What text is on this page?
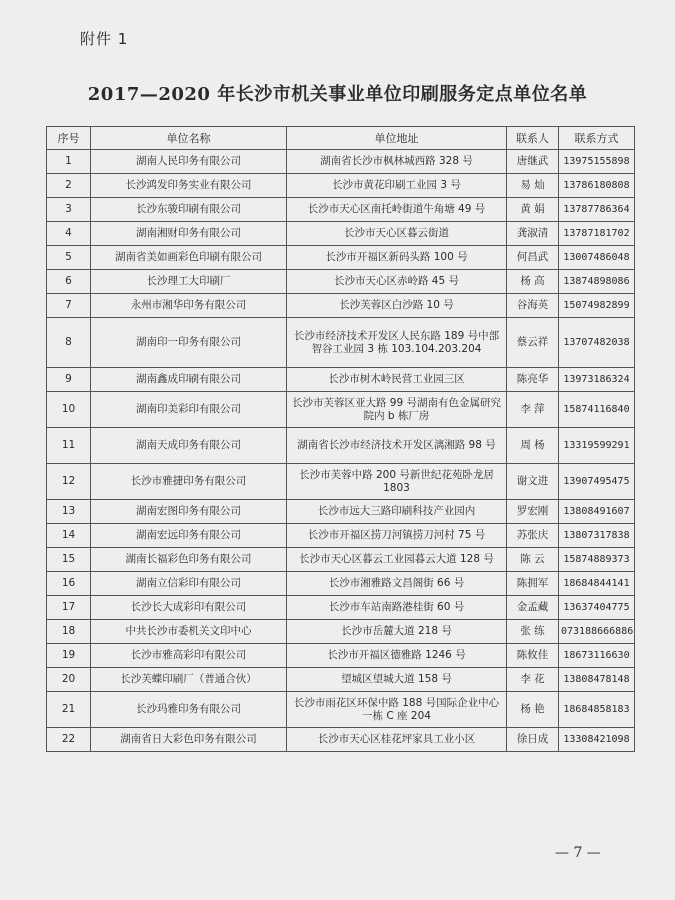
附件 1
2017—2020 年长沙市机关事业单位印刷服务定点单位名单
序号	单位名称	单位地址	联系人	联系方式
1	湖南人民印务有限公司	湖南省长沙市枫林城西路 328 号	唐继武	13975155898
2	长沙鸿发印务实业有限公司	长沙市黄花印刷工业园 3 号	易 灿	13786180808
3	长沙东骏印刷有限公司	长沙市天心区南托岭街道牛角塘 49 号	黄 娟	13787786364
4	湖南湘财印务有限公司	长沙市天心区暮云街道	龚淑清	13787181702
5	湖南省美如画彩色印刷有限公司	长沙市开福区新码头路 100 号	何昌武	13007486048
6	长沙理工大印刷厂	长沙市天心区赤岭路 45 号	杨 高	13874898086
7	永州市湘华印务有限公司	长沙芙蓉区白沙路 10 号	谷海英	15074982899
8	湖南印一印务有限公司	长沙市经济技术开发区人民东路 189 号中部智谷工业园 3 栋 103.104.203.204	蔡云祥	13707482038
9	湖南鑫成印刷有限公司	长沙市树木岭民营工业园三区	陈亮华	13973186324
10	湖南印美彩印有限公司	长沙市芙蓉区亚大路 99 号湖南有色金属研究院内 b 栋厂房	李 萍	15874116840
11	湖南天成印务有限公司	湖南省长沙市经济技术开发区漓湘路 98 号	周 杨	13319599291
12	长沙市雅捷印务有限公司	长沙市芙蓉中路 200 号新世纪花苑卧龙居 1803	谢文进	13907495475
13	湖南宏图印务有限公司	长沙市远大三路印刷科技产业园内	罗宏刚	13808491607
14	湖南宏远印务有限公司	长沙市开福区捞刀河镇捞刀河村 75 号	苏张庆	13807317838
15	湖南长福彩色印务有限公司	长沙市天心区暮云工业园暮云大道 128 号	陈 云	15874889373
16	湖南立信彩印有限公司	长沙市湘雅路文昌阁街 66 号	陈拥军	18684844141
17	长沙长大成彩印有限公司	长沙市车站南路港桂街 60 号	金孟藏	13637404775
18	中共长沙市委机关文印中心	长沙市岳麓大道 218 号	张 练	073188666886
19	长沙市雅高彩印有限公司	长沙市开福区德雅路 1246 号	陈攸佳	18673116630
20	长沙芙蝶印刷厂（普通合伙）	望城区望城大道 158 号	李 花	13808478148
21	长沙玛雅印务有限公司	长沙市雨花区环保中路 188 号国际企业中心一栋 C 座 204	杨 艳	18684858183
22	湖南省日大彩色印务有限公司	长沙市天心区桂花坪家具工业小区	徐日成	13308421098
— 7 —
